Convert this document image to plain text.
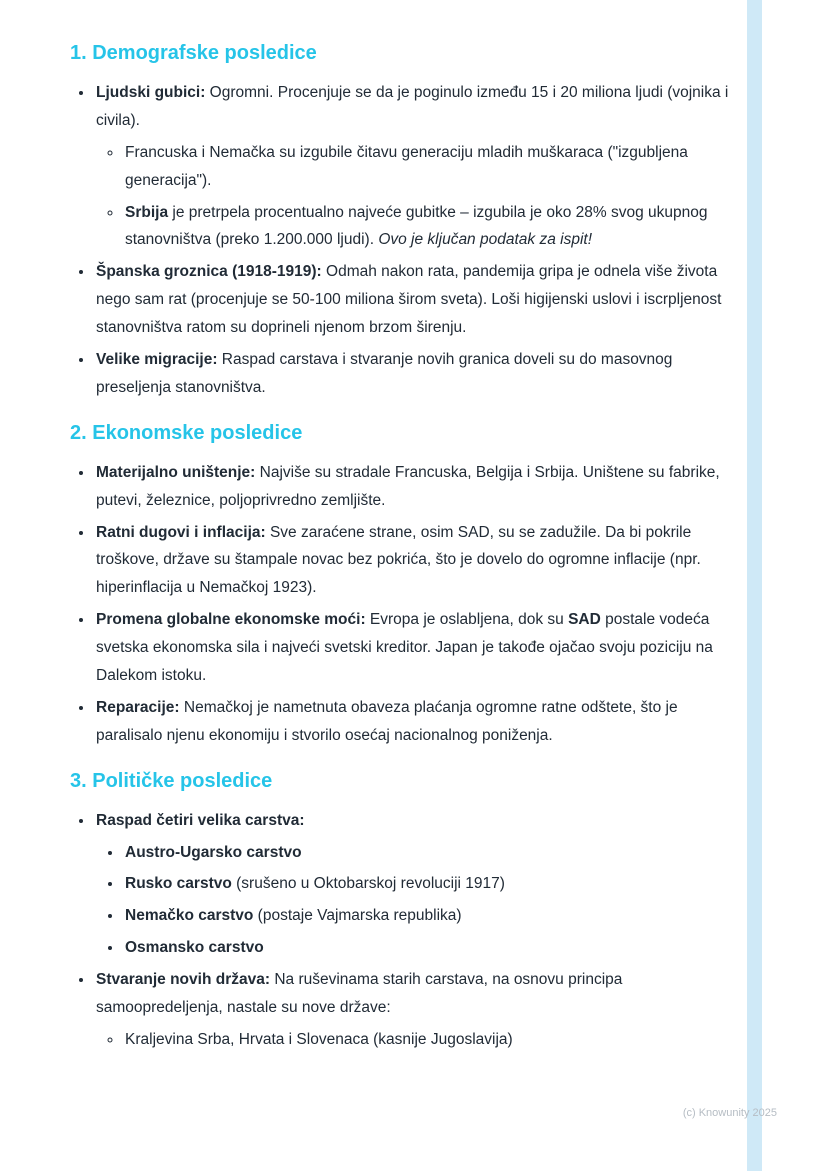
1. Demografske posledice
• Ljudski gubici: Ogromni. Procenjuje se da je poginulo između 15 i 20 miliona ljudi (vojnika i civila).
◦ Francuska i Nemačka su izgubile čitavu generaciju mladih muškaraca ("izgubljena generacija").
◦ Srbija je pretrpela procentualno najveće gubitke – izgubila je oko 28% svog ukupnog stanovništva (preko 1.200.000 ljudi). Ovo je ključan podatak za ispit!
• Španska groznica (1918-1919): Odmah nakon rata, pandemija gripa je odnela više života nego sam rat (procenjuje se 50-100 miliona širom sveta). Loši higijenski uslovi i iscrpljenost stanovništva ratom su doprineli njenom brzom širenju.
• Velike migracije: Raspad carstava i stvaranje novih granica doveli su do masovnog preseljenja stanovništva.
2. Ekonomske posledice
• Materijalno uništenje: Najviše su stradale Francuska, Belgija i Srbija. Uništene su fabrike, putevi, železnice, poljoprivredno zemljište.
• Ratni dugovi i inflacija: Sve zaraćene strane, osim SAD, su se zadužile. Da bi pokrile troškove, države su štampale novac bez pokrića, što je dovelo do ogromne inflacije (npr. hiperinflacija u Nemačkoj 1923).
• Promena globalne ekonomske moći: Evropa je oslabljena, dok su SAD postale vodeća svetska ekonomska sila i najveći svetski kreditor. Japan je takođe ojačao svoju poziciju na Dalekom istoku.
• Reparacije: Nemačkoj je nametnuta obaveza plaćanja ogromne ratne odštete, što je paralisalo njenu ekonomiju i stvorilo osećaj nacionalnog poniženja.
3. Političke posledice
• Raspad četiri velika carstva:
• Austro-Ugarsko carstvo
• Rusko carstvo (srušeno u Oktobarskoj revoluciji 1917)
• Nemačko carstvo (postaje Vajmarska republika)
• Osmansko carstvo
• Stvaranje novih država: Na ruševinama starih carstava, na osnovu principa samoopredeljenja, nastale su nove države:
◦ Kraljevina Srba, Hrvata i Slovenaca (kasnije Jugoslavija)
(c) Knowunity 2025
